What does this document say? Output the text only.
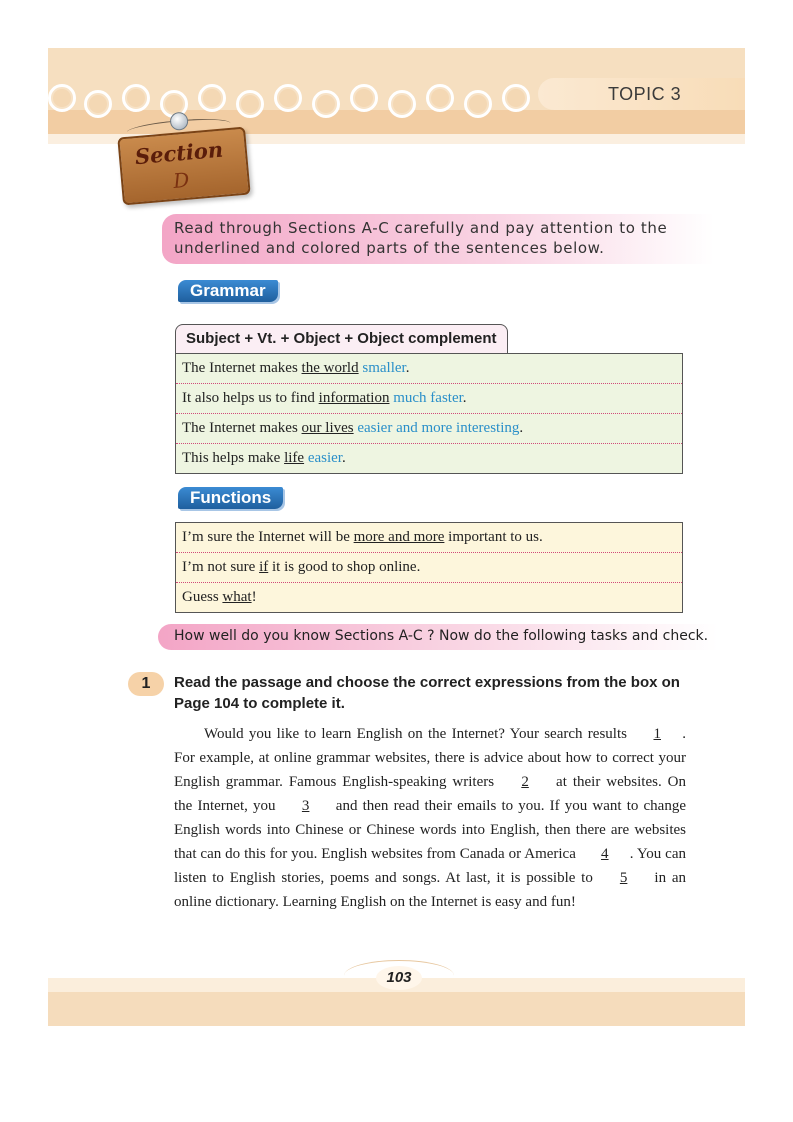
TOPIC 3
Section
D
Read through Sections A-C carefully and pay attention to the underlined and colored parts of the sentences below.
Grammar
Subject + Vt. + Object + Object complement
The Internet makes the world smaller.
It also helps us to find information much faster.
The Internet makes our lives easier and more interesting.
This helps make life easier.
Functions
I’m sure the Internet will be more and more important to us.
I’m not sure if it is good to shop online.
Guess what!
How well do you know Sections A-C ? Now do the following tasks and check.
1	Read the passage and choose the correct expressions from the box on Page 104 to complete it.
Would you like to learn English on the Internet? Your search results 1 . For example, at online grammar websites, there is advice about how to correct your English grammar. Famous English-speaking writers 2 at their websites. On the Internet, you 3 and then read their emails to you. If you want to change English words into Chinese or Chinese words into English, then there are websites that can do this for you. English websites from Canada or America 4 . You can listen to English stories, poems and songs. At last, it is possible to 5 in an online dictionary. Learning English on the Internet is easy and fun!
103
